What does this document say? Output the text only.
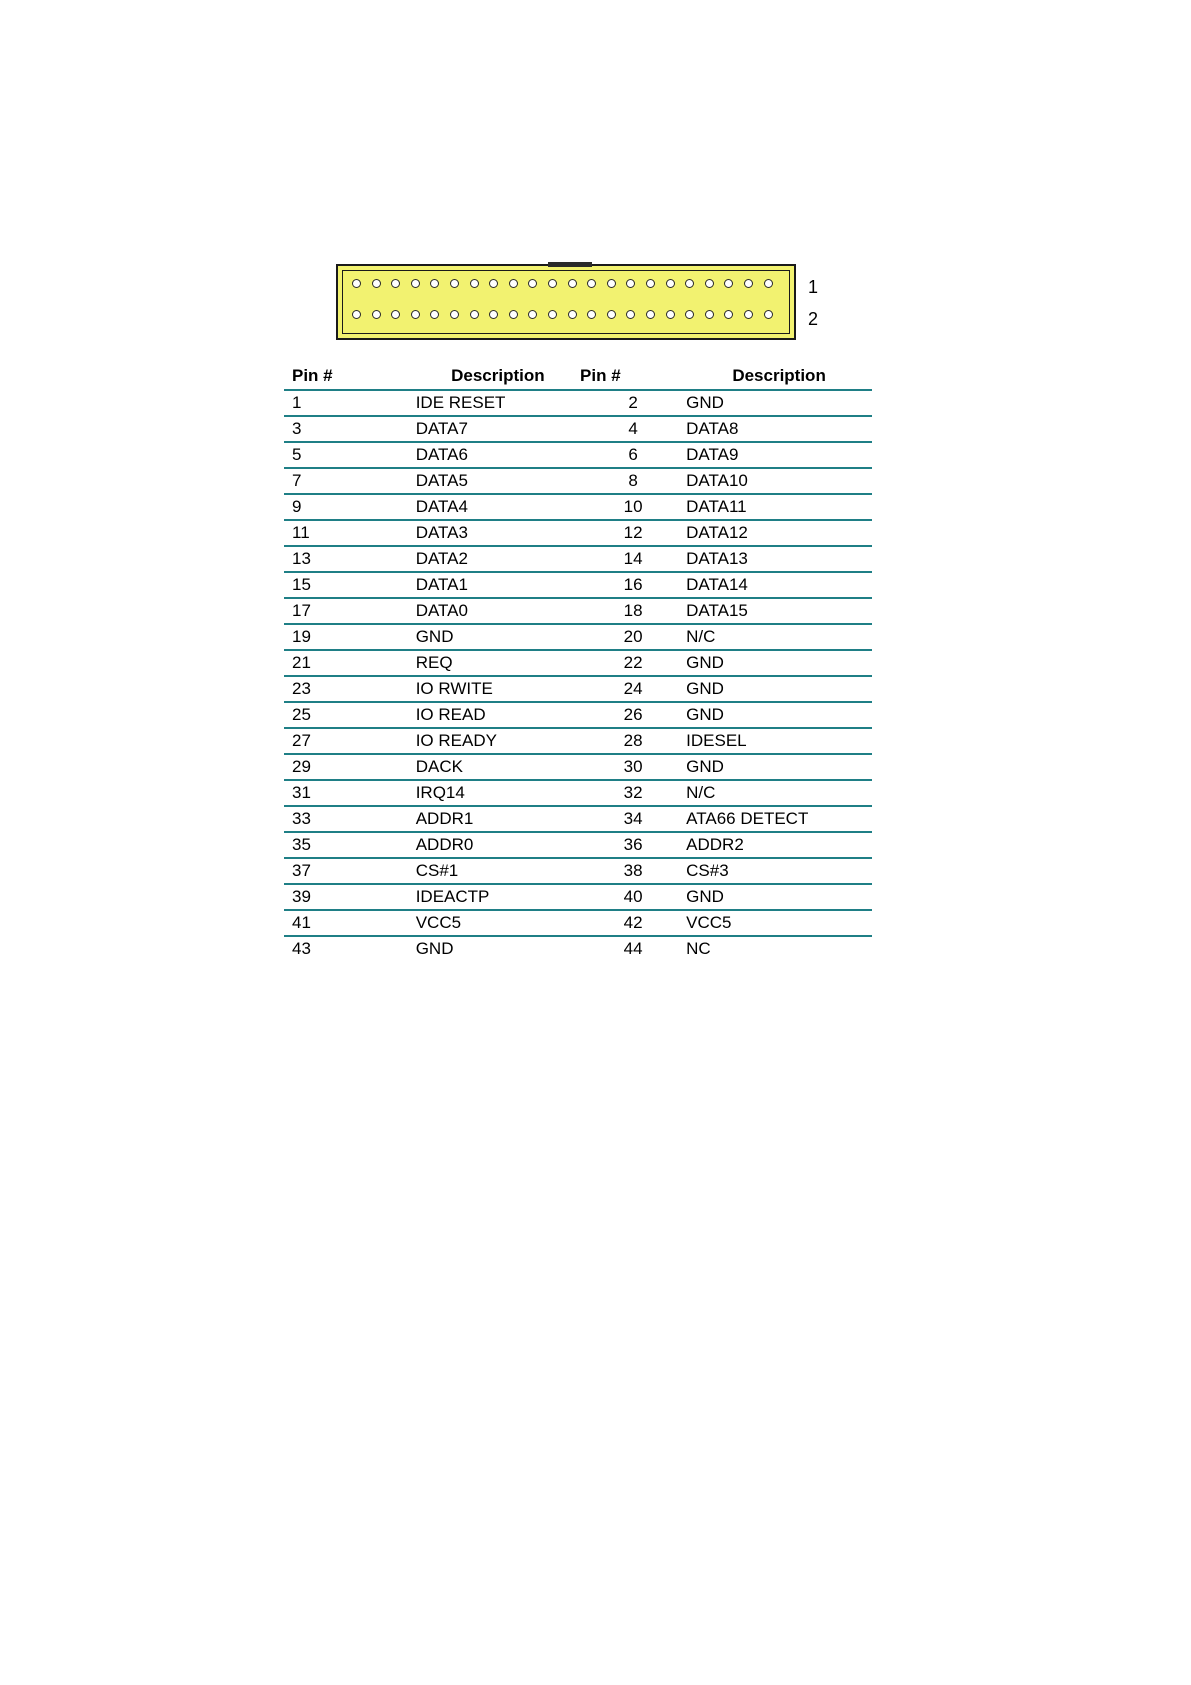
1
2
Pin #	Description	Pin #	Description
1	IDE RESET	2	GND
3	DATA7	4	DATA8
5	DATA6	6	DATA9
7	DATA5	8	DATA10
9	DATA4	10	DATA11
11	DATA3	12	DATA12
13	DATA2	14	DATA13
15	DATA1	16	DATA14
17	DATA0	18	DATA15
19	GND	20	N/C
21	REQ	22	GND
23	IO RWITE	24	GND
25	IO READ	26	GND
27	IO READY	28	IDESEL
29	DACK	30	GND
31	IRQ14	32	N/C
33	ADDR1	34	ATA66 DETECT
35	ADDR0	36	ADDR2
37	CS#1	38	CS#3
39	IDEACTP	40	GND
41	VCC5	42	VCC5
43	GND	44	NC
